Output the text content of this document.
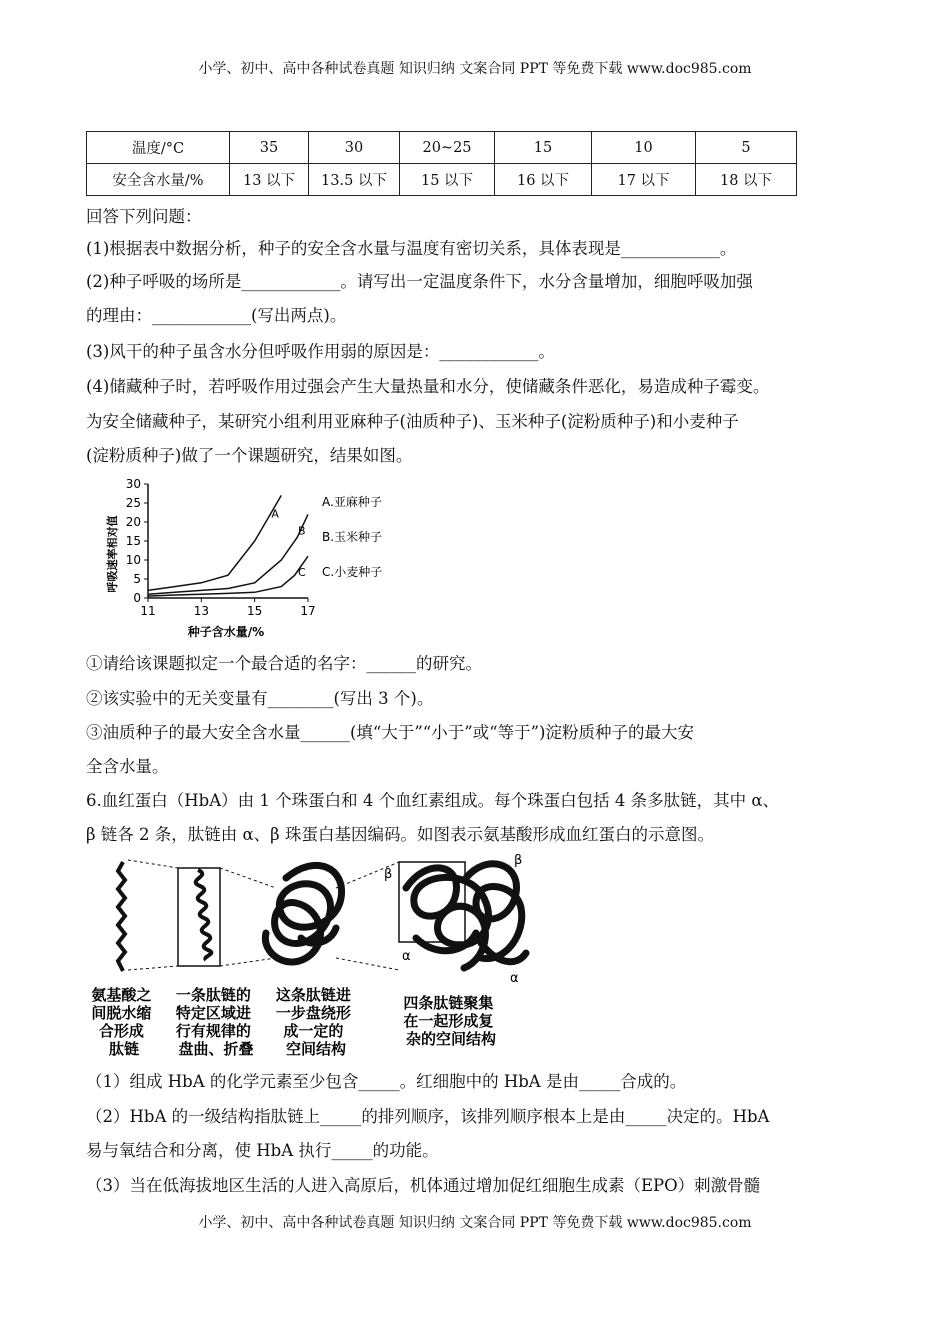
小学、初中、高中各种试卷真题 知识归纳 文案合同 PPT 等免费下载 www.doc985.com
温度/°C	35	30	20~25	15	10	5
安全含水量/%	13 以下	13.5 以下	15 以下	16 以下	17 以下	18 以下
回答下列问题：
(1)根据表中数据分析，种子的安全含水量与温度有密切关系，具体表现是____________。
(2)种子呼吸的场所是____________。请写出一定温度条件下，水分含量增加，细胞呼吸加强
的理由：____________(写出两点)。
(3)风干的种子虽含水分但呼吸作用弱的原因是：____________。
(4)储藏种子时，若呼吸作用过强会产生大量热量和水分，使储藏条件恶化，易造成种子霉变。
为安全储藏种子，某研究小组利用亚麻种子(油质种子)、玉米种子(淀粉质种子)和小麦种子
(淀粉质种子)做了一个课题研究，结果如图。
呼吸速率相对值
0
5
10
15
20
25
30
11	13	15	17
A
B
C
A.亚麻种子
B.玉米种子
C.小麦种子
种子含水量/%
①请给该课题拟定一个最合适的名字：______的研究。
②该实验中的无关变量有________(写出 3 个)。
③油质种子的最大安全含水量______(填“大于”“小于”或“等于”)淀粉质种子的最大安
全含水量。
6.血红蛋白（HbA）由 1 个珠蛋白和 4 个血红素组成。每个珠蛋白包括 4 条多肽链，其中 α、
β 链各 2 条，肽链由 α、β 珠蛋白基因编码。如图表示氨基酸形成血红蛋白的示意图。
β
β
α
α
氨基酸之 间脱水缩 合形成 肽链
一条肽链的 特定区域进 行有规律的 盘曲、折叠
这条肽链进 一步盘绕形 成一定的 空间结构
四条肽链聚集 在一起形成复 杂的空间结构
（1）组成 HbA 的化学元素至少包含_____。红细胞中的 HbA 是由_____合成的。
（2）HbA 的一级结构指肽链上_____的排列顺序，该排列顺序根本上是由_____决定的。HbA
易与氧结合和分离，使 HbA 执行_____的功能。
（3）当在低海拔地区生活的人进入高原后，机体通过增加促红细胞生成素（EPO）刺激骨髓
小学、初中、高中各种试卷真题 知识归纳 文案合同 PPT 等免费下载 www.doc985.com
